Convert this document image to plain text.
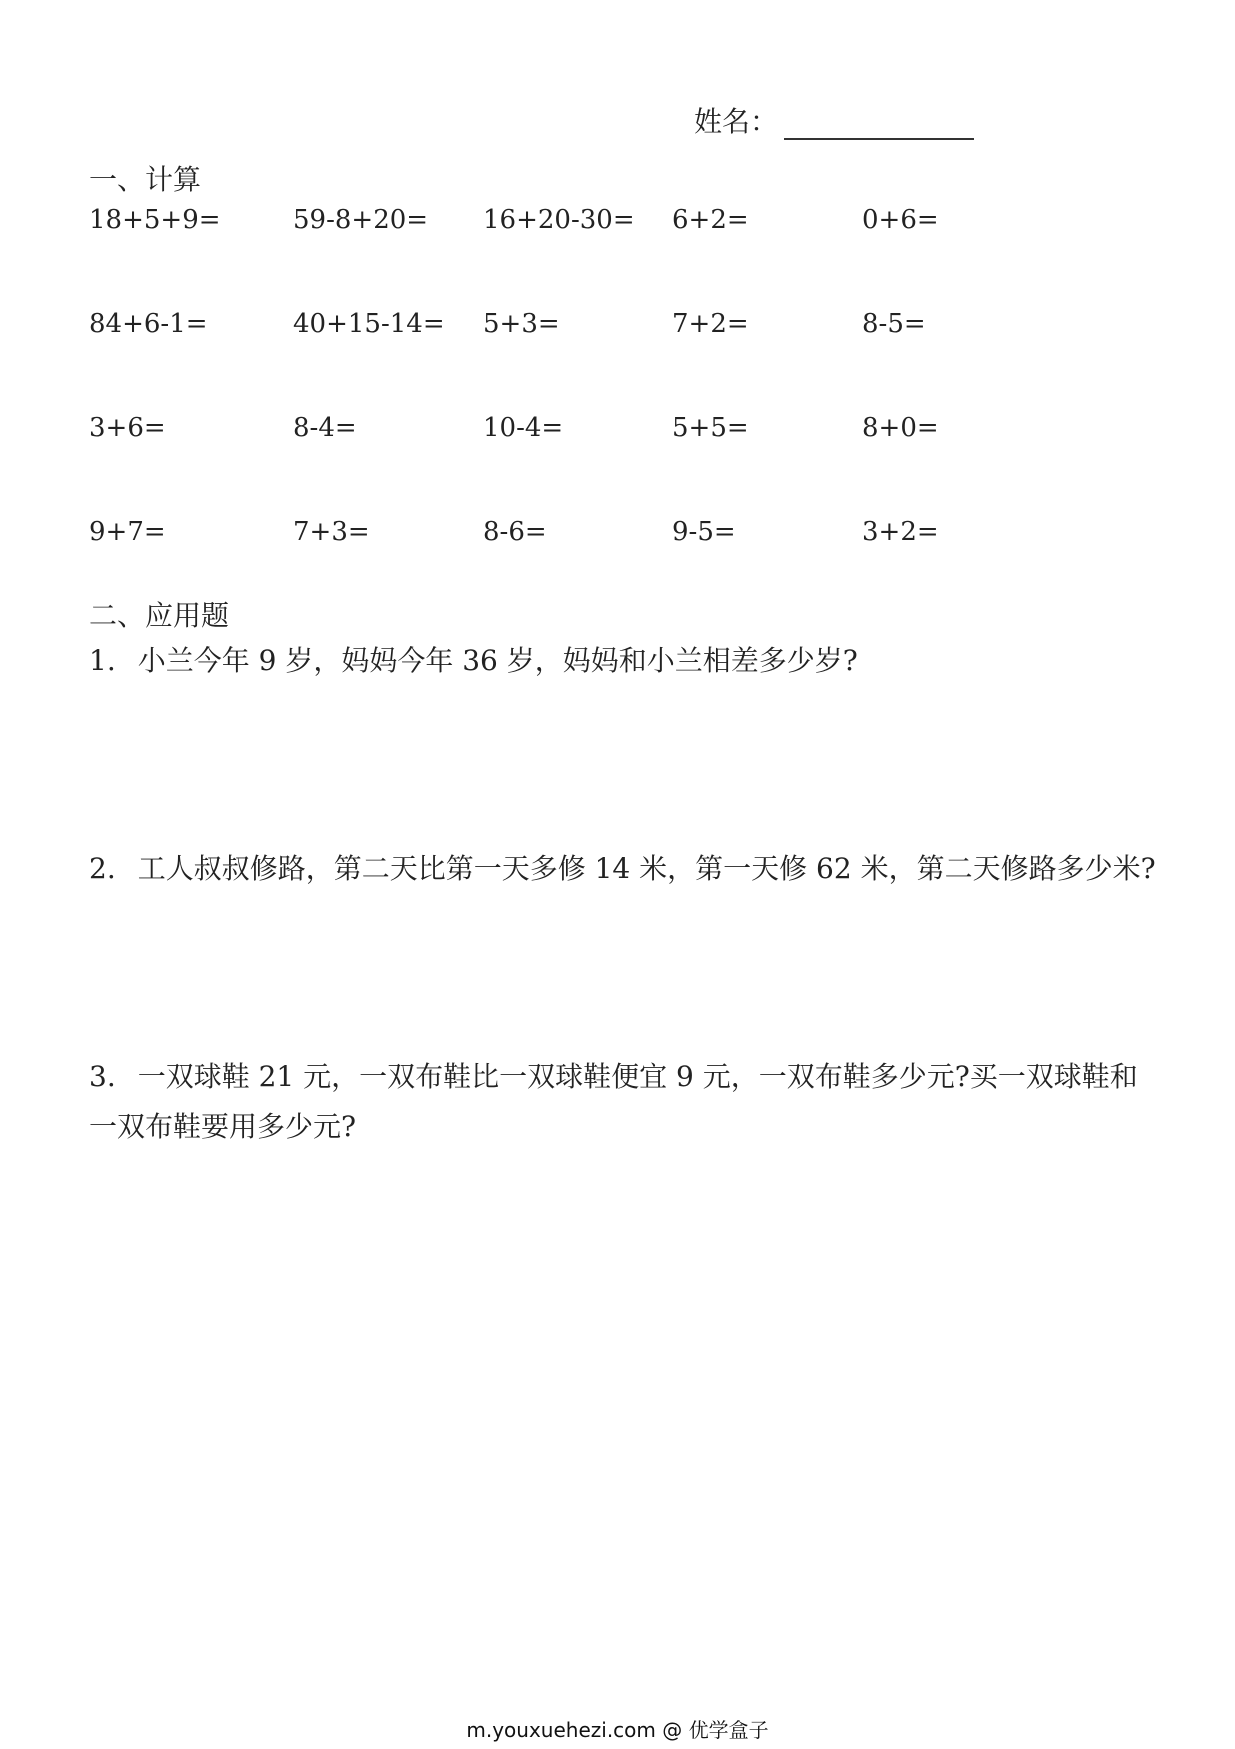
姓名：
一、计算
18+5+9=	59-8+20= 16+20-30= 6+2=	0+6=
84+6-1=	40+15-14= 5+3=	7+2=	8-5=
3+6=	8-4=	10-4=	5+5=	8+0=
9+7=	7+3=	8-6=	9-5=	3+2=
二、应用题
1. 小兰今年 9 岁，妈妈今年 36 岁，妈妈和小兰相差多少岁?
2. 工人叔叔修路，第二天比第一天多修 14 米，第一天修 62 米，第二天修路多少米?
3. 一双球鞋 21 元，一双布鞋比一双球鞋便宜 9 元，一双布鞋多少元?买一双球鞋和一双布鞋要用多少元?
m.youxuehezi.com @ 优学盒子
